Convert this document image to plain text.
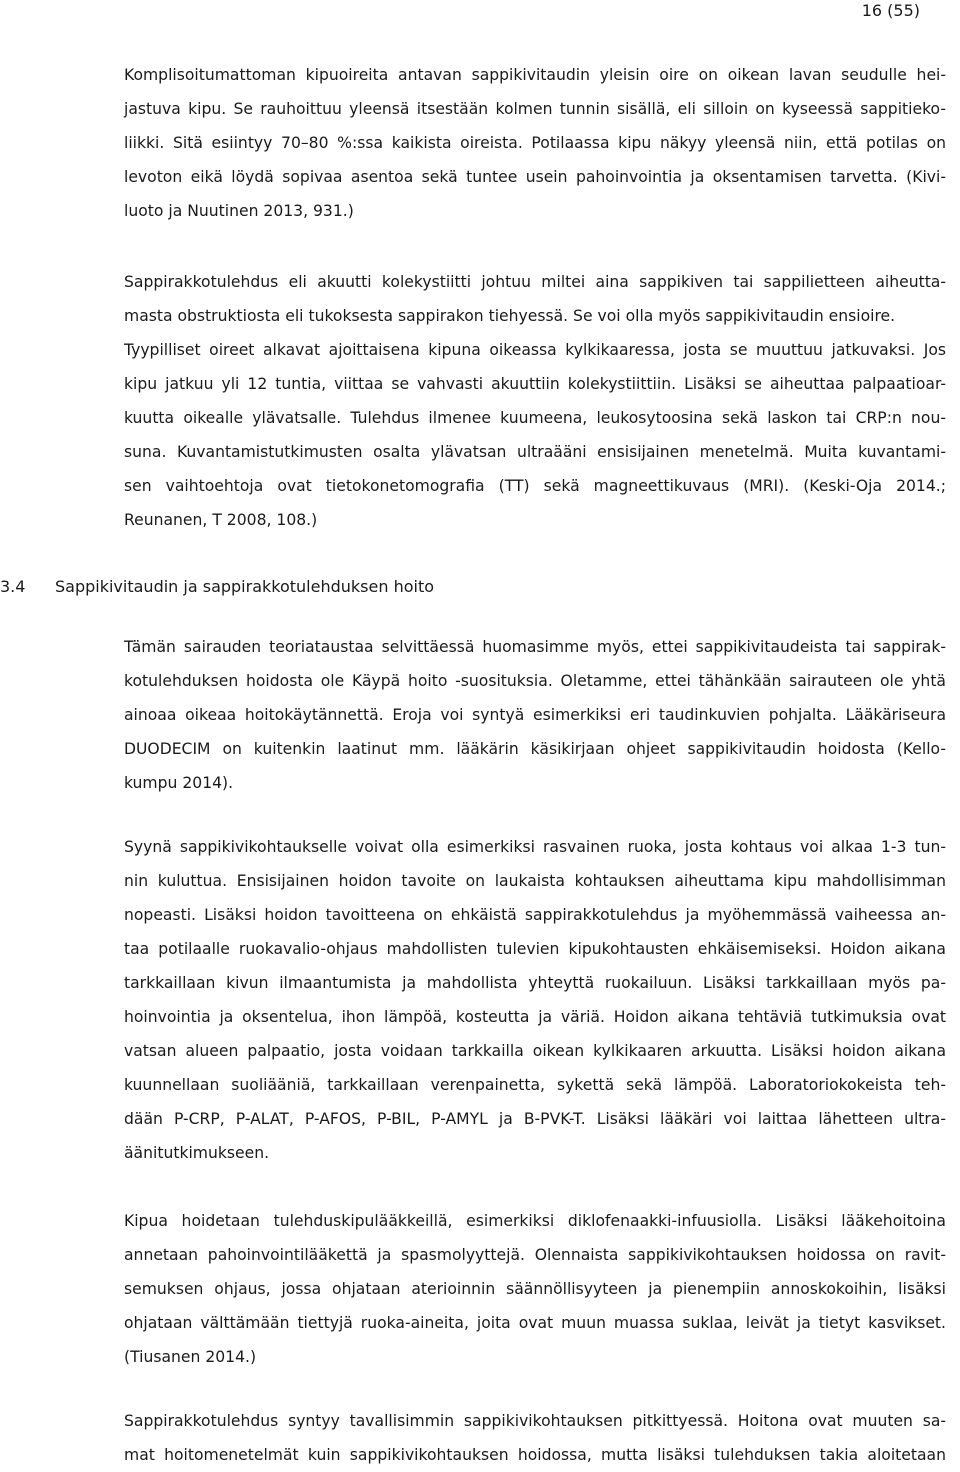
16 (55)
Komplisoitumattoman kipuoireita antavan sappikivitaudin yleisin oire on oikean lavan seudulle hei-
jastuva kipu. Se rauhoittuu yleensä itsestään kolmen tunnin sisällä, eli silloin on kyseessä sappitieko-
liikki. Sitä esiintyy 70–80 %:ssa kaikista oireista. Potilaassa kipu näkyy yleensä niin, että potilas on
levoton eikä löydä sopivaa asentoa sekä tuntee usein pahoinvointia ja oksentamisen tarvetta. (Kivi-
luoto ja Nuutinen 2013, 931.)
Sappirakkotulehdus eli akuutti kolekystiitti johtuu miltei aina sappikiven tai sappilietteen aiheutta-
masta obstruktiosta eli tukoksesta sappirakon tiehyessä. Se voi olla myös sappikivitaudin ensioire.
Tyypilliset oireet alkavat ajoittaisena kipuna oikeassa kylkikaaressa, josta se muuttuu jatkuvaksi. Jos
kipu jatkuu yli 12 tuntia, viittaa se vahvasti akuuttiin kolekystiittiin. Lisäksi se aiheuttaa palpaatioar-
kuutta oikealle ylävatsalle. Tulehdus ilmenee kuumeena, leukosytoosina sekä laskon tai CRP:n nou-
suna. Kuvantamistutkimusten osalta ylävatsan ultraääni ensisijainen menetelmä. Muita kuvantami-
sen vaihtoehtoja ovat tietokonetomografia (TT) sekä magneettikuvaus (MRI). (Keski-Oja 2014.;
Reunanen, T 2008, 108.)
3.4 Sappikivitaudin ja sappirakkotulehduksen hoito
Tämän sairauden teoriataustaa selvittäessä huomasimme myös, ettei sappikivitaudeista tai sappirak-
kotulehduksen hoidosta ole Käypä hoito -suosituksia. Oletamme, ettei tähänkään sairauteen ole yhtä
ainoaa oikeaa hoitokäytännettä. Eroja voi syntyä esimerkiksi eri taudinkuvien pohjalta. Lääkäriseura
DUODECIM on kuitenkin laatinut mm. lääkärin käsikirjaan ohjeet sappikivitaudin hoidosta (Kello-
kumpu 2014).
Syynä sappikivikohtaukselle voivat olla esimerkiksi rasvainen ruoka, josta kohtaus voi alkaa 1-3 tun-
nin kuluttua. Ensisijainen hoidon tavoite on laukaista kohtauksen aiheuttama kipu mahdollisimman
nopeasti. Lisäksi hoidon tavoitteena on ehkäistä sappirakkotulehdus ja myöhemmässä vaiheessa an-
taa potilaalle ruokavalio-ohjaus mahdollisten tulevien kipukohtausten ehkäisemiseksi. Hoidon aikana
tarkkaillaan kivun ilmaantumista ja mahdollista yhteyttä ruokailuun. Lisäksi tarkkaillaan myös pa-
hoinvointia ja oksentelua, ihon lämpöä, kosteutta ja väriä. Hoidon aikana tehtäviä tutkimuksia ovat
vatsan alueen palpaatio, josta voidaan tarkkailla oikean kylkikaaren arkuutta. Lisäksi hoidon aikana
kuunnellaan suoliääniä, tarkkaillaan verenpainetta, sykettä sekä lämpöä. Laboratoriokokeista teh-
dään P-CRP, P-ALAT, P-AFOS, P-BIL, P-AMYL ja B-PVK-T. Lisäksi lääkäri voi laittaa lähetteen ultra-
äänitutkimukseen.
Kipua hoidetaan tulehduskipulääkkeillä, esimerkiksi diklofenaakki-infuusiolla. Lisäksi lääkehoitoina
annetaan pahoinvointilääkettä ja spasmolyyttejä. Olennaista sappikivikohtauksen hoidossa on ravit-
semuksen ohjaus, jossa ohjataan aterioinnin säännöllisyyteen ja pienempiin annoskokoihin, lisäksi
ohjataan välttämään tiettyjä ruoka-aineita, joita ovat muun muassa suklaa, leivät ja tietyt kasvikset.
(Tiusanen 2014.)
Sappirakkotulehdus syntyy tavallisimmin sappikivikohtauksen pitkittyessä. Hoitona ovat muuten sa-
mat hoitomenetelmät kuin sappikivikohtauksen hoidossa, mutta lisäksi tulehduksen takia aloitetaan
